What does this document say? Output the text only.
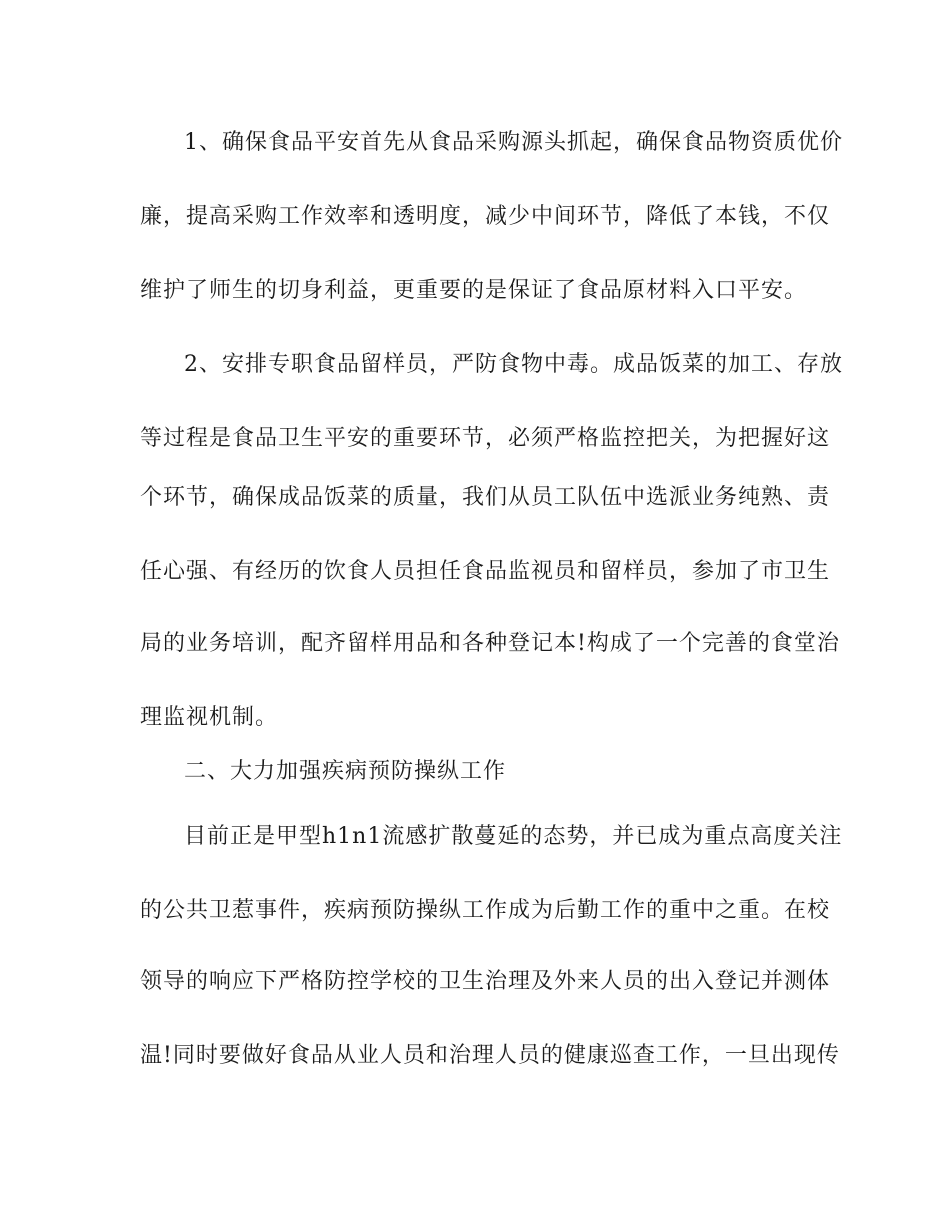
1、确保食品平安首先从食品采购源头抓起，确保食品物资质优价
廉，提高采购工作效率和透明度，减少中间环节，降低了本钱，不仅
维护了师生的切身利益，更重要的是保证了食品原材料入口平安。
2、安排专职食品留样员，严防食物中毒。成品饭菜的加工、存放
等过程是食品卫生平安的重要环节，必须严格监控把关，为把握好这
个环节，确保成品饭菜的质量，我们从员工队伍中选派业务纯熟、责
任心强、有经历的饮食人员担任食品监视员和留样员，参加了市卫生
局的业务培训，配齐留样用品和各种登记本!构成了一个完善的食堂治
理监视机制。
二、大力加强疾病预防操纵工作
目前正是甲型h1n1流感扩散蔓延的态势，并已成为重点高度关注
的公共卫惹事件，疾病预防操纵工作成为后勤工作的重中之重。在校
领导的响应下严格防控学校的卫生治理及外来人员的出入登记并测体
温!同时要做好食品从业人员和治理人员的健康巡查工作，一旦出现传
